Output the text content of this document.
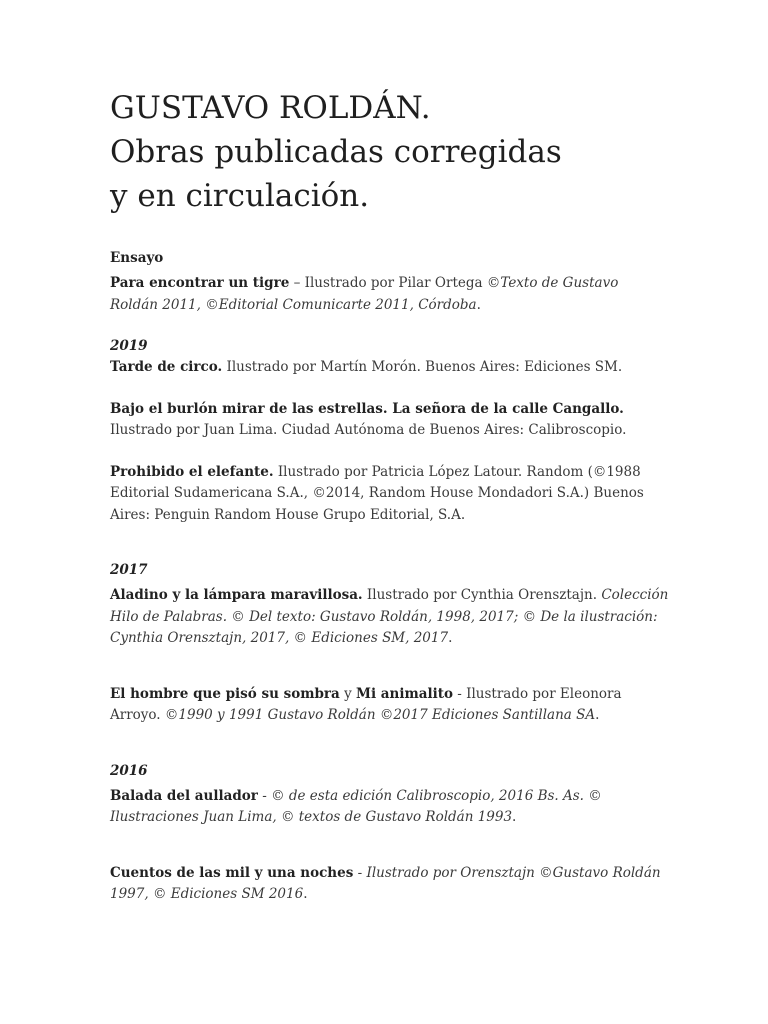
GUSTAVO ROLDÁN.
Obras publicadas corregidas
y en circulación.

Ensayo

Para encontrar un tigre – Ilustrado por Pilar Ortega ©Texto de Gustavo Roldán 2011, ©Editorial Comunicarte 2011, Córdoba.

2019

Tarde de circo. Ilustrado por Martín Morón. Buenos Aires: Ediciones SM.

Bajo el burlón mirar de las estrellas. La señora de la calle Cangallo. Ilustrado por Juan Lima. Ciudad Autónoma de Buenos Aires: Calibroscopio.

Prohibido el elefante. Ilustrado por Patricia López Latour. Random (©1988 Editorial Sudamericana S.A., ©2014, Random House Mondadori S.A.) Buenos Aires: Penguin Random House Grupo Editorial, S.A.

2017

Aladino y la lámpara maravillosa. Ilustrado por Cynthia Orensztajn. Colección Hilo de Palabras. © Del texto: Gustavo Roldán, 1998, 2017; © De la ilustración: Cynthia Orensztajn, 2017, © Ediciones SM, 2017.

El hombre que pisó su sombra y Mi animalito - Ilustrado por Eleonora Arroyo. ©1990 y 1991 Gustavo Roldán ©2017 Ediciones Santillana SA.

2016

Balada del aullador - © de esta edición Calibroscopio, 2016 Bs. As. © Ilustraciones Juan Lima, © textos de Gustavo Roldán 1993.

Cuentos de las mil y una noches - Ilustrado por Orensztajn ©Gustavo Roldán 1997, © Ediciones SM 2016.
